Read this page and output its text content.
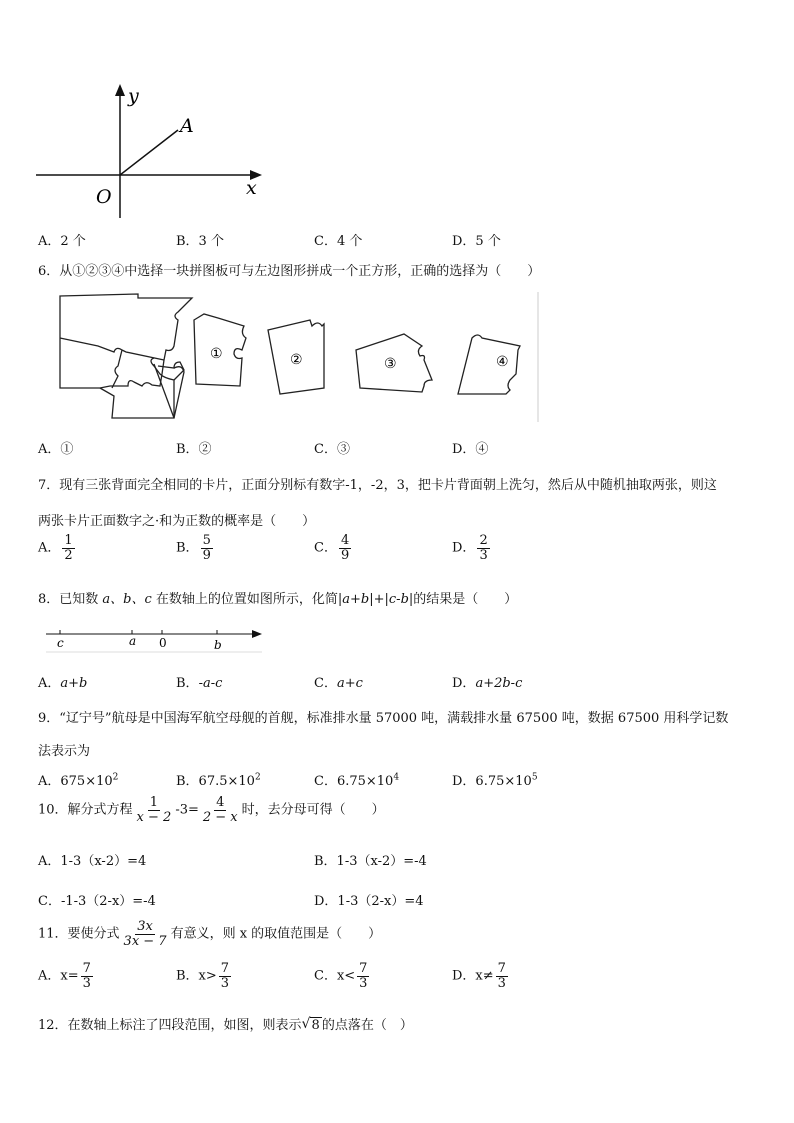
y
A
O	x
A．2 个	B．3 个	C．4 个	D．5 个
6．从①②③④中选择一块拼图板可与左边图形拼成一个正方形，正确的选择为（　　）
①	②	③	④
A．①	B．②	C．③	D．④
7．现有三张背面完全相同的卡片，正面分别标有数字-1，-2，3，把卡片背面朝上洗匀，然后从中随机抽取两张，则这
两张卡片正面数字之·和为正数的概率是（　　）
A． $\frac{1}{2}$	B． $\frac{5}{9}$	C． $\frac{4}{9}$	D． $\frac{2}{3}$
8．已知数 a、b、c 在数轴上的位置如图所示，化简|a+b|+|c-b|的结果是（　　）
c	a 0	b
A．a+b	B．-a-c	C．a+c	D．a+2b-c
9．“辽宁号”航母是中国海军航空母舰的首舰，标准排水量 57000 吨，满载排水量 67500 吨，数据 67500 用科学记数
法表示为
A．$675\times 10^2$	B．$67.5\times 10^2$	C．$6.75\times 10^4$	D．$6.75\times 10^5$
10．解分式方程 $\frac{1}{x - 2} -3= \frac{4}{2 - x}$ 时，去分母可得（　　）
A．1-3（x-2）=4	B．1-3（x-2）=-4
C．-1-3（2-x）=-4	D．1-3（2-x）=4
11．要使分式 $\frac{3x}{3x - 7}$ 有意义，则 x 的取值范围是（　　）
A．$x= \frac{7}{3}$	B．$x> \frac{7}{3}$	C．$x< \frac{7}{3}$	D．$x\ne \frac{7}{3}$
12．在数轴上标注了四段范围，如图，则表示 √ 8 的点落在（　）
